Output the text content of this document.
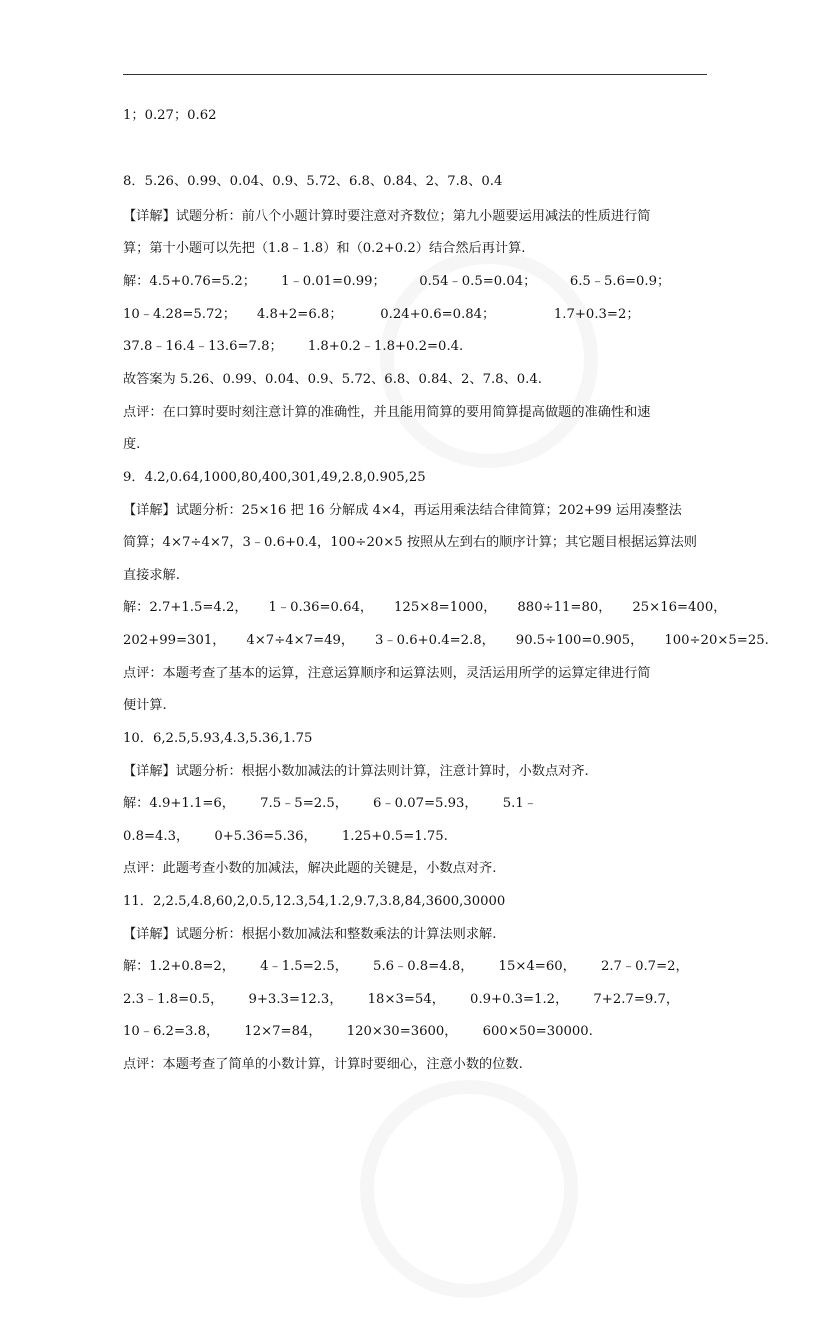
1；0.27；0.62
8．5.26、0.99、0.04、0.9、5.72、6.8、0.84、2、7.8、0.4
【详解】试题分析：前八个小题计算时要注意对齐数位；第九小题要运用减法的性质进行简
算；第十小题可以先把（1.8﹣1.8）和（0.2+0.2）结合然后再计算.
解：4.5+0.76=5.2；      1﹣0.01=0.99；        0.54﹣0.5=0.04；        6.5﹣5.6=0.9；
10﹣4.28=5.72；     4.8+2=6.8；         0.24+0.6=0.84；              1.7+0.3=2；
37.8﹣16.4﹣13.6=7.8；      1.8+0.2﹣1.8+0.2=0.4.
故答案为 5.26、0.99、0.04、0.9、5.72、6.8、0.84、2、7.8、0.4.
点评：在口算时要时刻注意计算的准确性，并且能用简算的要用简算提高做题的准确性和速
度.
9．4.2,0.64,1000,80,400,301,49,2.8,0.905,25
【详解】试题分析：25×16 把 16 分解成 4×4，再运用乘法结合律简算；202+99 运用凑整法
简算；4×7÷4×7，3﹣0.6+0.4，100÷20×5 按照从左到右的顺序计算；其它题目根据运算法则
直接求解.
解：2.7+1.5=4.2，     1﹣0.36=0.64，     125×8=1000，     880÷11=80，     25×16=400，
202+99=301，     4×7÷4×7=49，     3﹣0.6+0.4=2.8，     90.5÷100=0.905，     100÷20×5=25.
点评：本题考查了基本的运算，注意运算顺序和运算法则，灵活运用所学的运算定律进行简
便计算.
10．6,2.5,5.93,4.3,5.36,1.75
【详解】试题分析：根据小数加减法的计算法则计算，注意计算时，小数点对齐.
解：4.9+1.1=6，      7.5﹣5=2.5，      6﹣0.07=5.93，      5.1﹣
0.8=4.3，      0+5.36=5.36，      1.25+0.5=1.75.
点评：此题考查小数的加减法，解决此题的关键是，小数点对齐.
11．2,2.5,4.8,60,2,0.5,12.3,54,1.2,9.7,3.8,84,3600,30000
【详解】试题分析：根据小数加减法和整数乘法的计算法则求解.
解：1.2+0.8=2，      4﹣1.5=2.5，      5.6﹣0.8=4.8，      15×4=60，      2.7﹣0.7=2，
2.3﹣1.8=0.5，      9+3.3=12.3，      18×3=54，      0.9+0.3=1.2，      7+2.7=9.7，
10﹣6.2=3.8，      12×7=84，      120×30=3600，      600×50=30000.
点评：本题考查了简单的小数计算，计算时要细心，注意小数的位数.
